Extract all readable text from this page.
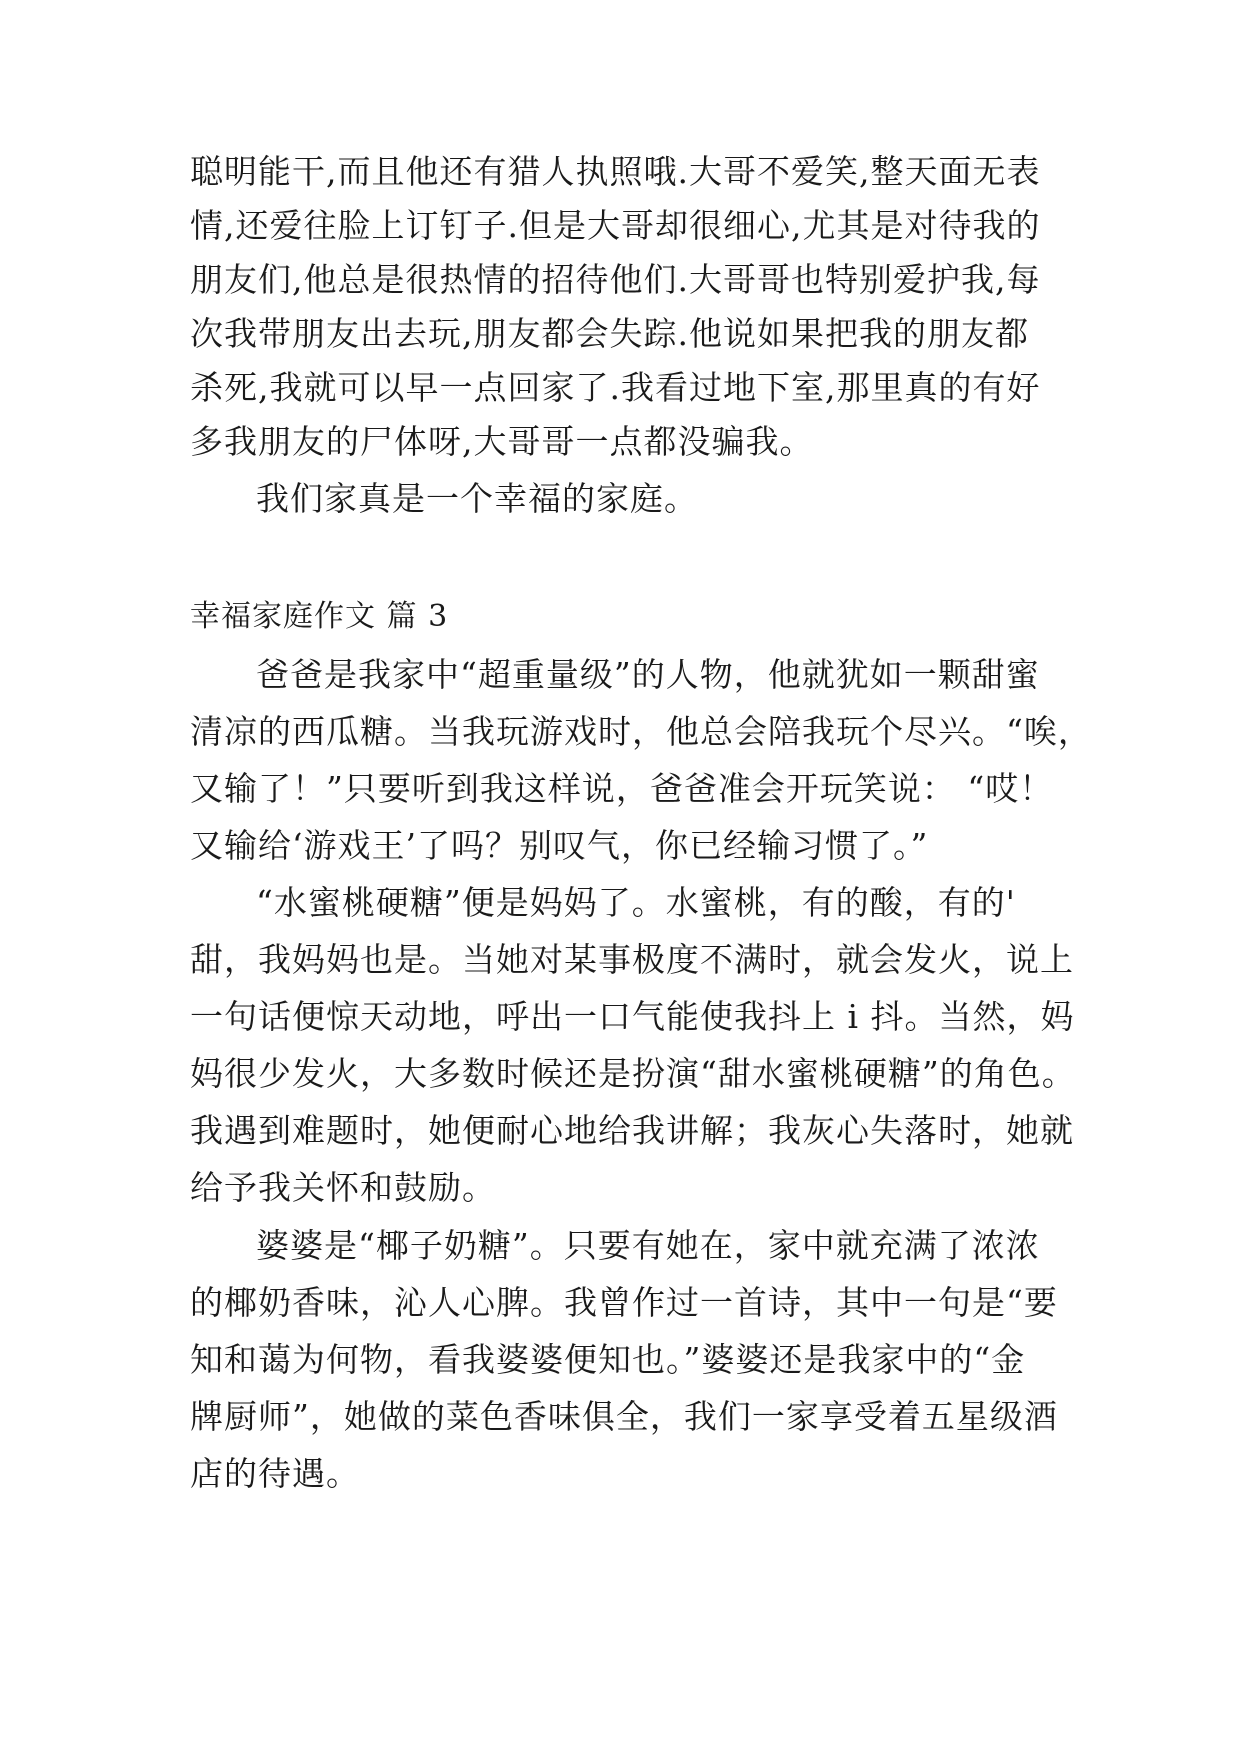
聪明能干,而且他还有猎人执照哦.大哥不爱笑,整天面无表
情,还爱往脸上订钉子.但是大哥却很细心,尤其是对待我的
朋友们,他总是很热情的招待他们.大哥哥也特别爱护我,每
次我带朋友出去玩,朋友都会失踪.他说如果把我的朋友都
杀死,我就可以早一点回家了.我看过地下室,那里真的有好
多我朋友的尸体呀,大哥哥一点都没骗我。
我们家真是一个幸福的家庭。
幸福家庭作文 篇 3
爸爸是我家中“超重量级”的人物，他就犹如一颗甜蜜
清凉的西瓜糖。当我玩游戏时，他总会陪我玩个尽兴。“唉，
又输了！”只要听到我这样说，爸爸准会开玩笑说： “哎！
又输给‘游戏王’了吗？别叹气，你已经输习惯了。”
“水蜜桃硬糖”便是妈妈了。水蜜桃，有的酸，有的'
甜，我妈妈也是。当她对某事极度不满时，就会发火，说上
一句话便惊天动地，呼出一口气能使我抖上 i 抖。当然，妈
妈很少发火，大多数时候还是扮演“甜水蜜桃硬糖”的角色。
我遇到难题时，她便耐心地给我讲解；我灰心失落时，她就
给予我关怀和鼓励。
婆婆是“椰子奶糖”。只要有她在，家中就充满了浓浓
的椰奶香味，沁人心脾。我曾作过一首诗，其中一句是“要
知和蔼为何物，看我婆婆便知也。”婆婆还是我家中的“金
牌厨师”，她做的菜色香味俱全，我们一家享受着五星级酒
店的待遇。
